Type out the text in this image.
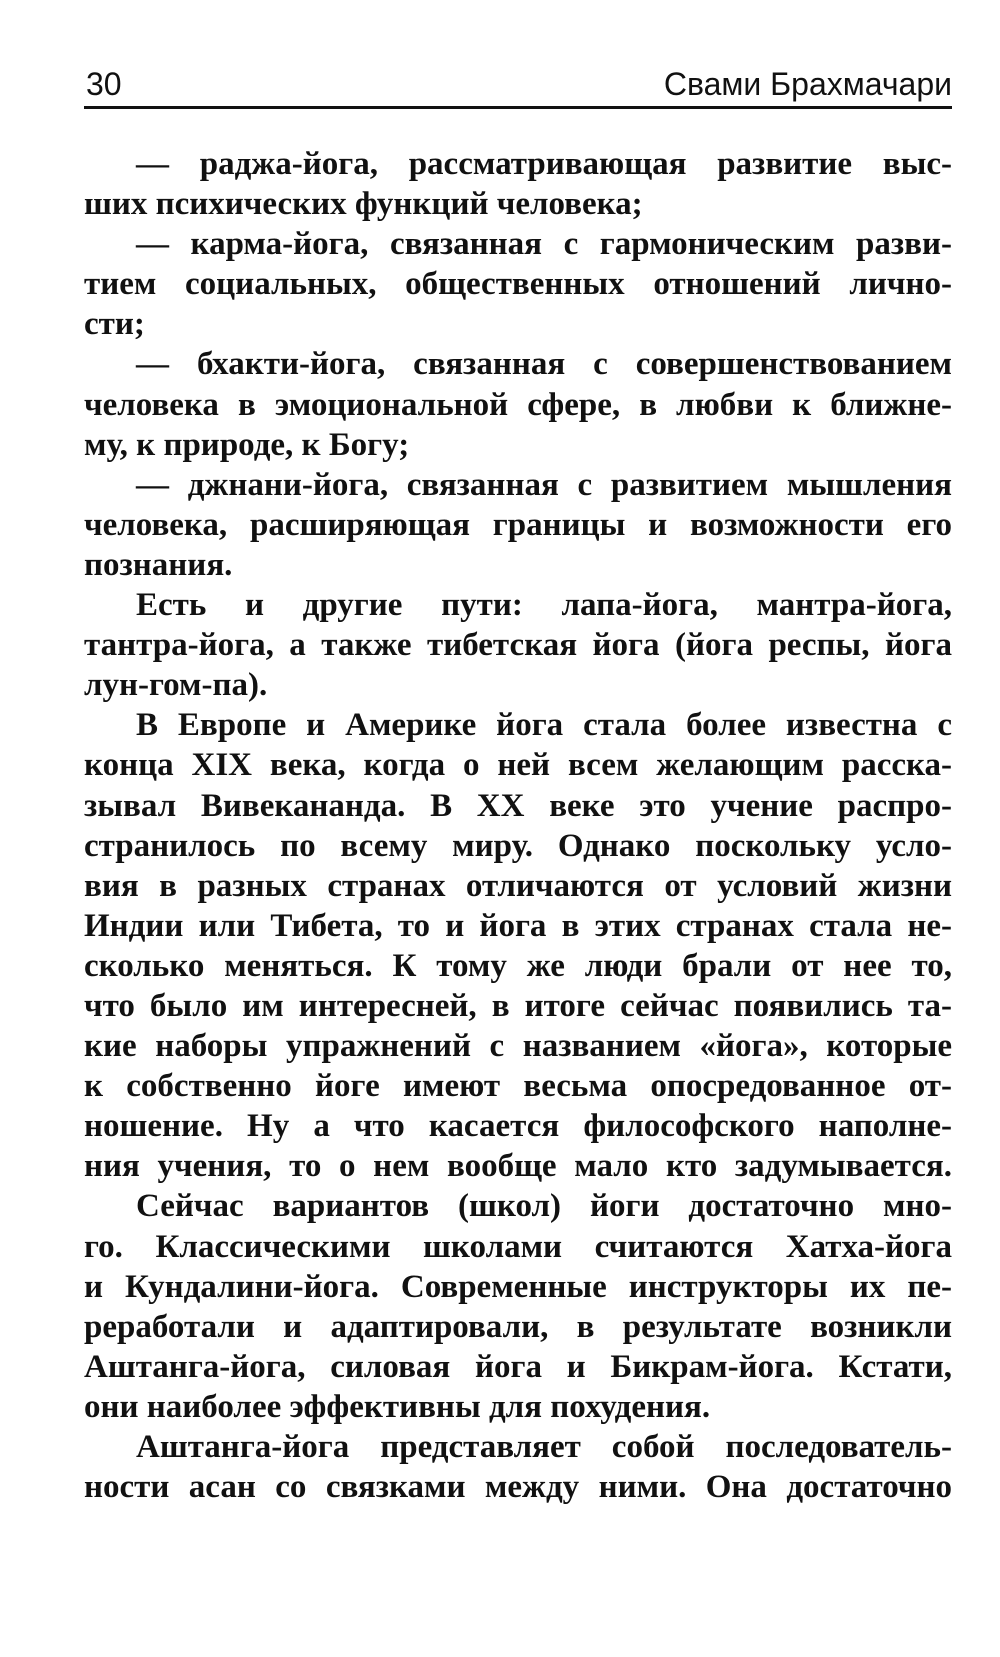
30	Свами Брахмачари
— раджа-йога, рассматривающая развитие выс-
ших психических функций человека;
— карма-йога, связанная с гармоническим разви-
тием социальных, общественных отношений лично-
сти;
— бхакти-йога, связанная с совершенствованием
человека в эмоциональной сфере, в любви к ближне-
му, к природе, к Богу;
— джнани-йога, связанная с развитием мышления
человека, расширяющая границы и возможности его
познания.
Есть и другие пути: лапа-йога, мантра-йога,
тантра-йога, а также тибетская йога (йога респы, йога
лун-гом-па).
В Европе и Америке йога стала более известна с
конца XIX века, когда о ней всем желающим расска-
зывал Вивекананда. В XX веке это учение распро-
странилось по всему миру. Однако поскольку усло-
вия в разных странах отличаются от условий жизни
Индии или Тибета, то и йога в этих странах стала не-
сколько меняться. К тому же люди брали от нее то,
что было им интересней, в итоге сейчас появились та-
кие наборы упражнений с названием «йога», которые
к собственно йоге имеют весьма опосредованное от-
ношение. Ну а что касается философского наполне-
ния учения, то о нем вообще мало кто задумывается.
Сейчас вариантов (школ) йоги достаточно мно-
го. Классическими школами считаются Хатха-йога
и Кундалини-йога. Современные инструкторы их пе-
реработали и адаптировали, в результате возникли
Аштанга-йога, силовая йога и Бикрам-йога. Кстати,
они наиболее эффективны для похудения.
Аштанга-йога представляет собой последователь-
ности асан со связками между ними. Она достаточно
